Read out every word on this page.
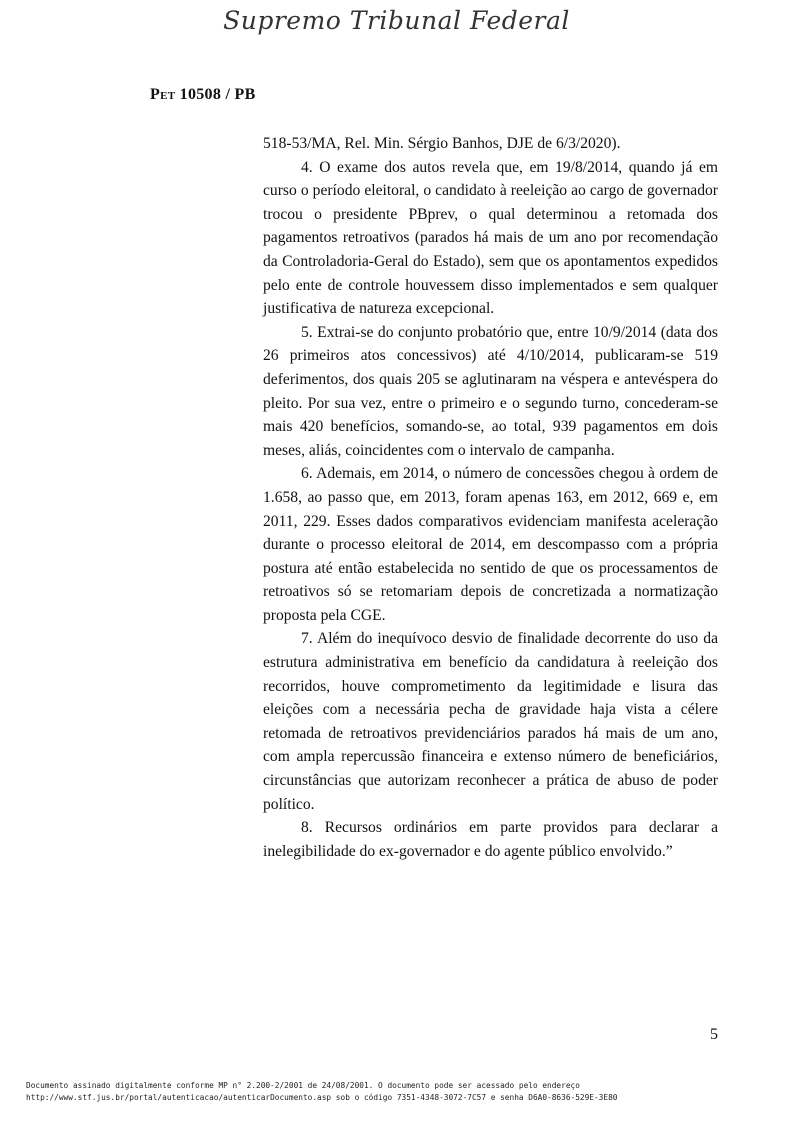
Supremo Tribunal Federal
Pet 10508 / PB

518-53/MA, Rel. Min. Sérgio Banhos, DJE de 6/3/2020).

4. O exame dos autos revela que, em 19/8/2014, quando já em curso o período eleitoral, o candidato à reeleição ao cargo de governador trocou o presidente PBprev, o qual determinou a retomada dos pagamentos retroativos (parados há mais de um ano por recomendação da Controladoria-Geral do Estado), sem que os apontamentos expedidos pelo ente de controle houvessem disso implementados e sem qualquer justificativa de natureza excepcional.

5. Extrai-se do conjunto probatório que, entre 10/9/2014 (data dos 26 primeiros atos concessivos) até 4/10/2014, publicaram-se 519 deferimentos, dos quais 205 se aglutinaram na véspera e antevéspera do pleito. Por sua vez, entre o primeiro e o segundo turno, concederam-se mais 420 benefícios, somando-se, ao total, 939 pagamentos em dois meses, aliás, coincidentes com o intervalo de campanha.

6. Ademais, em 2014, o número de concessões chegou à ordem de 1.658, ao passo que, em 2013, foram apenas 163, em 2012, 669 e, em 2011, 229. Esses dados comparativos evidenciam manifesta aceleração durante o processo eleitoral de 2014, em descompasso com a própria postura até então estabelecida no sentido de que os processamentos de retroativos só se retomariam depois de concretizada a normatização proposta pela CGE.

7. Além do inequívoco desvio de finalidade decorrente do uso da estrutura administrativa em benefício da candidatura à reeleição dos recorridos, houve comprometimento da legitimidade e lisura das eleições com a necessária pecha de gravidade haja vista a célere retomada de retroativos previdenciários parados há mais de um ano, com ampla repercussão financeira e extenso número de beneficiários, circunstâncias que autorizam reconhecer a prática de abuso de poder político.

8. Recursos ordinários em parte providos para declarar a inelegibilidade do ex-governador e do agente público envolvido.”

5
Documento assinado digitalmente conforme MP n° 2.200-2/2001 de 24/08/2001. O documento pode ser acessado pelo endereço
http://www.stf.jus.br/portal/autenticacao/autenticarDocumento.asp sob o código 7351-4348-3072-7C57 e senha D6A0-8636-529E-3E80
